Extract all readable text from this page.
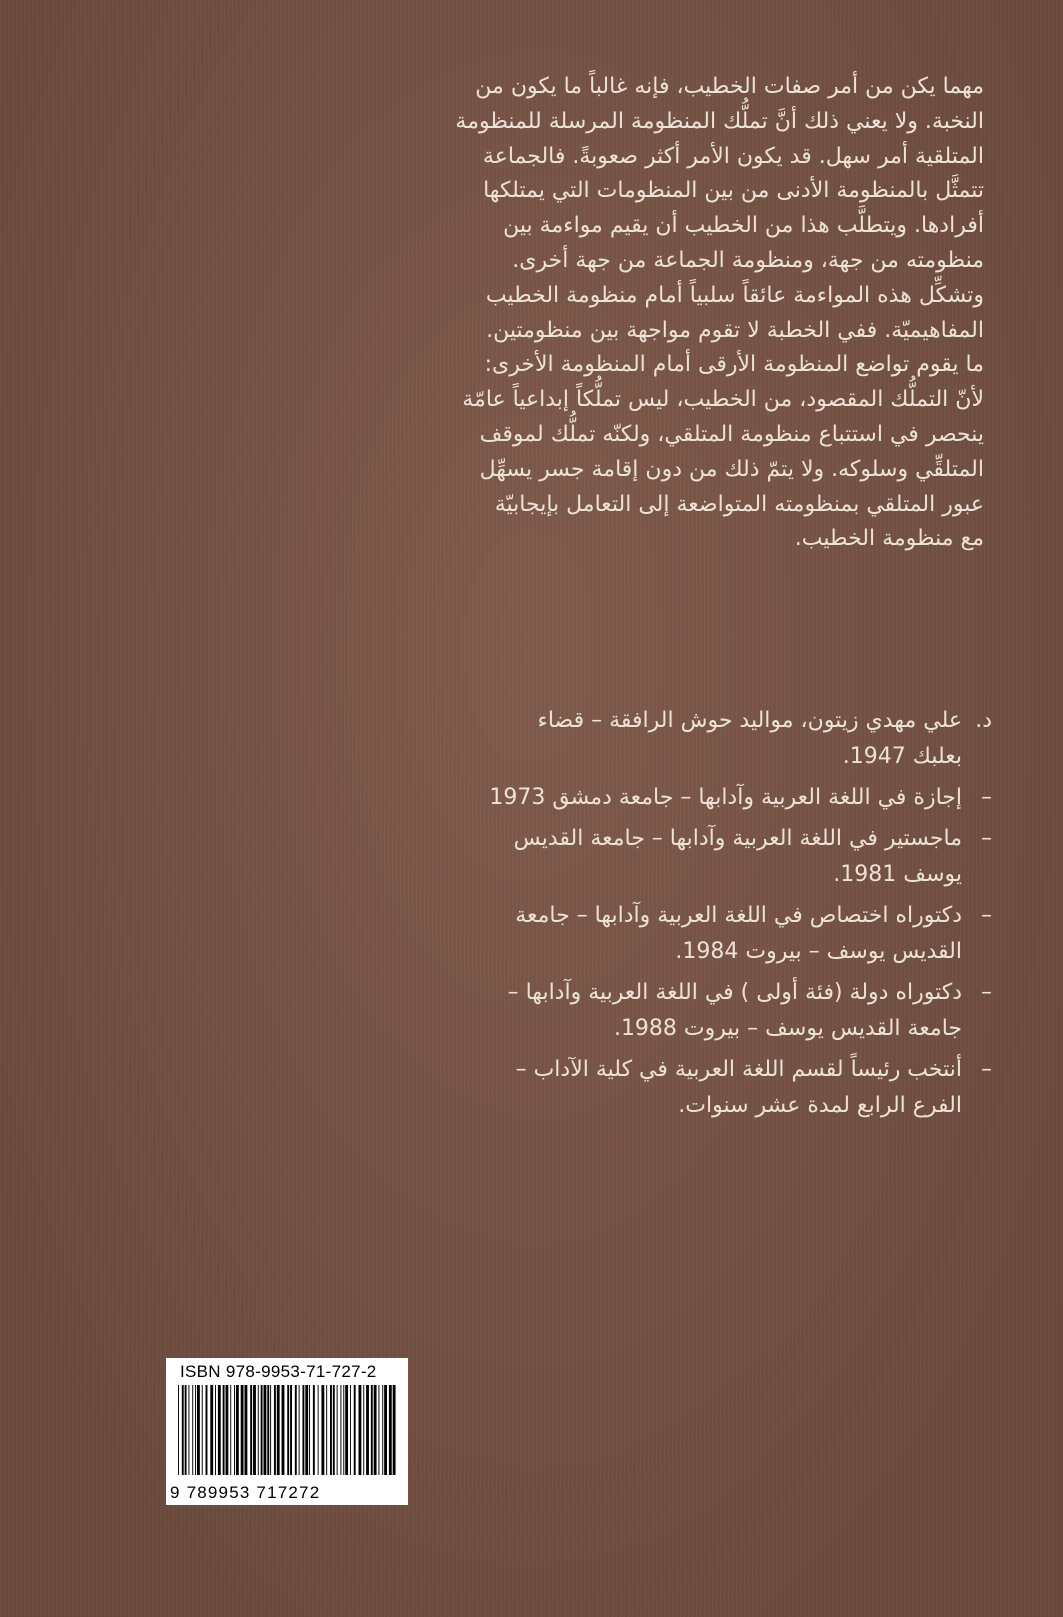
مهما يكن من أمر صفات الخطيب، فإنه غالباً ما يكون من

النخبة. ولا يعني ذلك أنَّ تملُّك المنظومة المرسلة للمنظومة

المتلقية أمر سهل. قد يكون الأمر أكثر صعوبةً. فالجماعة

تتمثَّل بالمنظومة الأدنى من بين المنظومات التي يمتلكها

أفرادها. ويتطلَّب هذا من الخطيب أن يقيم مواءمة بين

منظومته من جهة، ومنظومة الجماعة من جهة أخرى.

وتشكِّل هذه المواءمة عائقاً سلبياً أمام منظومة الخطيب

المفاهيميّة. ففي الخطبة لا تقوم مواجهة بين منظومتين.

ما يقوم تواضع المنظومة الأرقى أمام المنظومة الأخرى:

لأنّ التملُّك المقصود، من الخطيب، ليس تملُّكاً إبداعياً عامّة

ينحصر في استتباع منظومة المتلقي، ولكنّه تملُّك لموقف

المتلقِّي وسلوكه. ولا يتمّ ذلك من دون إقامة جسر يسهِّل

عبور المتلقي بمنظومته المتواضعة إلى التعامل بإيجابيّة

مع منظومة الخطيب.

د.
علي مهدي زيتون، مواليد حوش الرافقة – قضاء
بعلبك 1947.
–
إجازة في اللغة العربية وآدابها – جامعة دمشق 1973
–
ماجستير في اللغة العربية وآدابها – جامعة القديس
يوسف 1981.
–
دكتوراه اختصاص في اللغة العربية وآدابها – جامعة
القديس يوسف – بيروت 1984.
–
دكتوراه دولة (فئة أولى ) في اللغة العربية وآدابها –
جامعة القديس يوسف – بيروت 1988.
–
أنتخب رئيساً لقسم اللغة العربية في كلية الآداب –
الفرع الرابع لمدة عشر سنوات.
ISBN 978-9953-71-727-2
9 789953 717272
